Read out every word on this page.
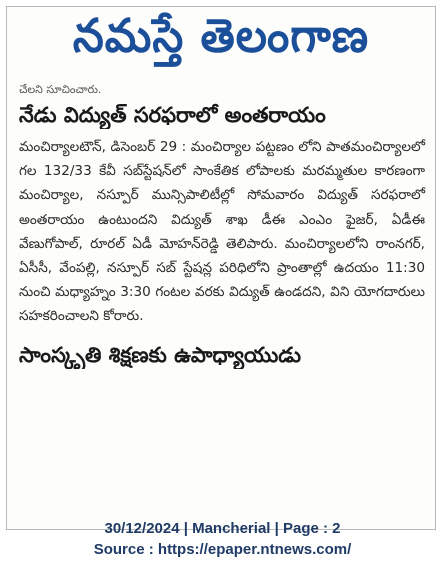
నమస్తే తెలంగాణ
చేలని సూచించారు.
నేడు విద్యుత్ సరఫరాలో అంతరాయం
మంచిర్యాలటౌన్, డిసెంబర్ 29 : మంచిర్యాల పట్టణం లోని పాతమంచిర్యాలలో గల 132/33 కేవీ సబ్‌స్టేషన్‌లో సాంకేతిక లోపాలకు మరమ్మతుల కారణంగా మంచిర్యాల, నస్పూర్ మున్సిపాలిటీల్లో సోమవారం విద్యుత్ సరఫరాలో అంతరాయం ఉంటుందని విద్యుత్ శాఖ డీఈ ఎంఎం ఫైజర్, ఏడీఈ వేణుగోపాల్, రూరల్ ఏడీ మోహన్‌రెడ్డి తెలిపారు. మంచిర్యాలలోని రాంనగర్, ఏసీసీ, వేంపల్లి, నస్పూర్ సబ్ స్టేషన్ల పరిధిలోని ప్రాంతాల్లో ఉదయం 11:30 నుంచి మధ్యాహ్నం 3:30 గంటల వరకు విద్యుత్ ఉండదని, విని యోగదారులు సహకరించాలని కోరారు.
సాంస్కృతి శిక్షణకు ఉపాధ్యాయుడు
30/12/2024 | Mancherial | Page : 2
Source : https://epaper.ntnews.com/
